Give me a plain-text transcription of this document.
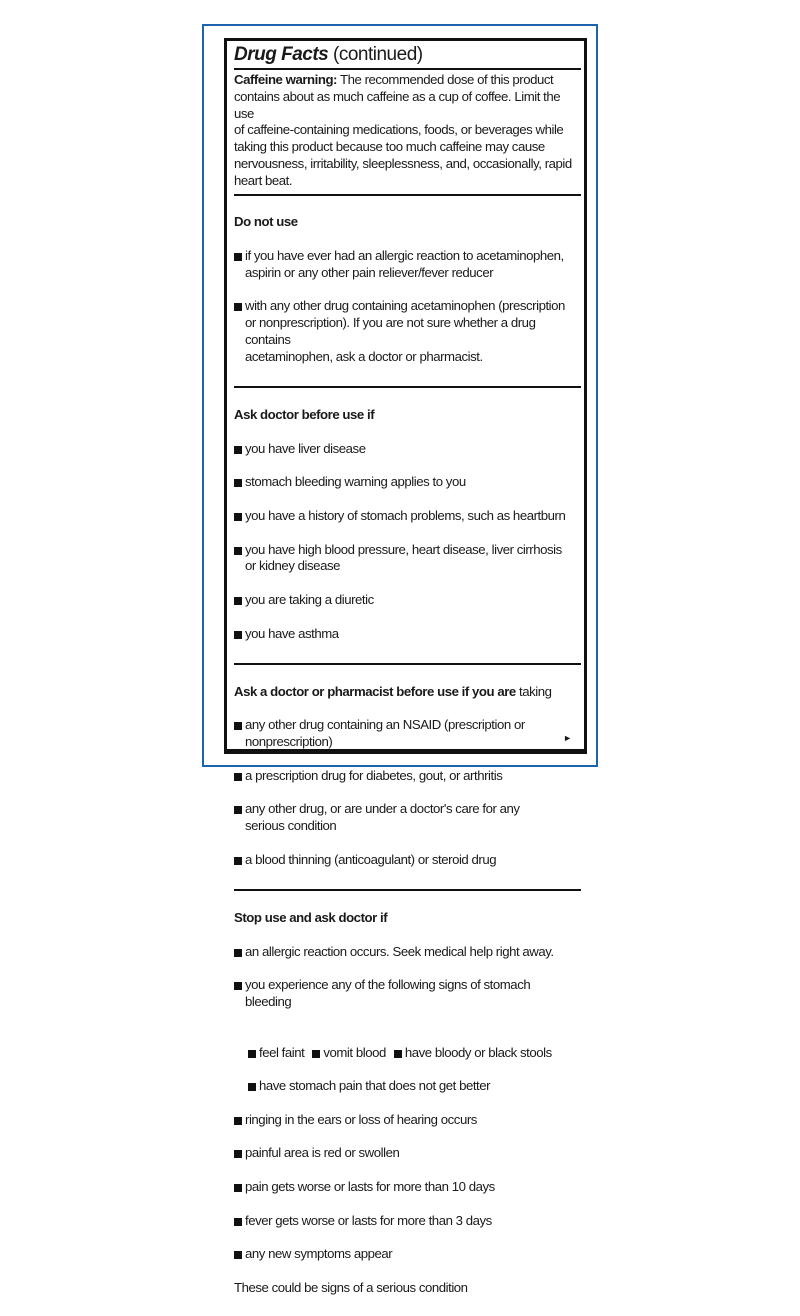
Drug Facts (continued)
Caffeine warning: The recommended dose of this product
contains about as much caffeine as a cup of coffee. Limit the use
of caffeine-containing medications, foods, or beverages while
taking this product because too much caffeine may cause
nervousness, irritability, sleeplessness, and, occasionally, rapid
heart beat.

Do not use

if you have ever had an allergic reaction to acetaminophen,
aspirin or any other pain reliever/fever reducer

with any other drug containing acetaminophen (prescription
or nonprescription). If you are not sure whether a drug contains
acetaminophen, ask a doctor or pharmacist.

Ask doctor before use if

you have liver disease

stomach bleeding warning applies to you

you have a history of stomach problems, such as heartburn

you have high blood pressure, heart disease, liver cirrhosis
or kidney disease

you are taking a diuretic

you have asthma

Ask a doctor or pharmacist before use if you are taking

any other drug containing an NSAID (prescription or
nonprescription)

a prescription drug for diabetes, gout, or arthritis

any other drug, or are under a doctor's care for any
serious condition

a blood thinning (anticoagulant) or steroid drug

Stop use and ask doctor if

an allergic reaction occurs. Seek medical help right away.

you experience any of the following signs of stomach bleeding

feel faint vomit blood have bloody or black stools

have stomach pain that does not get better

ringing in the ears or loss of hearing occurs

painful area is red or swollen

pain gets worse or lasts for more than 10 days

fever gets worse or lasts for more than 3 days

any new symptoms appear

These could be signs of a serious condition

►
